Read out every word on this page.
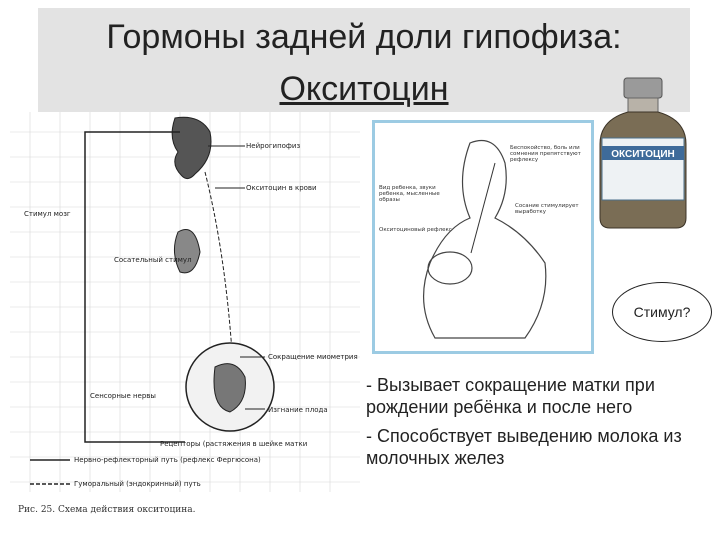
Гормоны задней доли гипофиза:
Окситоцин
Нейрогипофиз
Окситоцин в крови
Стимул мозг
Сосательный стимул
Сокращение миометрия
Сенсорные нервы
Изгнание плода
Рецепторы (растяжения в шейке матки
Нервно-рефлекторный путь (рефлекс Фергюсона)
Гуморальный (эндокринный) путь
Рис. 25. Схема действия окситоцина.
Беспокойство, боль или сомнения препятствуют рефлексу
Вид ребенка, звуки ребенка, мысленные образы
Сосание стимулирует выработку
Окситоциновый рефлекс
ОКСИТОЦИН
Стимул?

- Вызывает сокращение матки при рождении ребёнка и после него

- Способствует выведению молока из молочных желез
